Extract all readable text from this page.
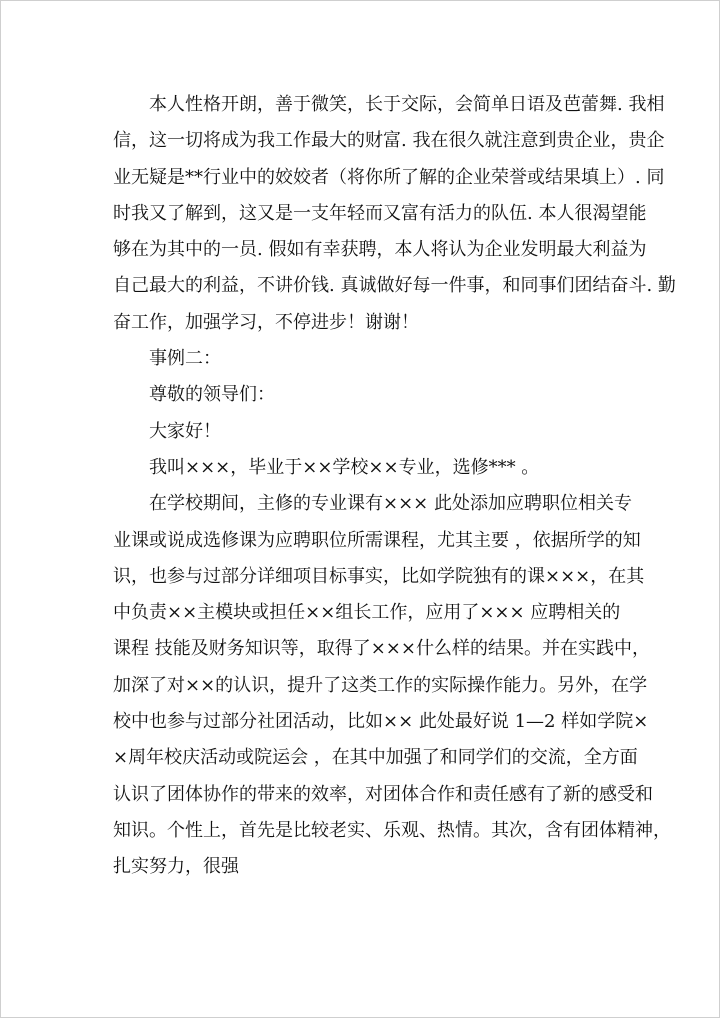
本人性格开朗，善于微笑，长于交际，会简单日语及芭蕾舞. 我相
信，这一切将成为我工作最大的财富. 我在很久就注意到贵企业，贵企
业无疑是**行业中的姣姣者（将你所了解的企业荣誉或结果填上）. 同
时我又了解到，这又是一支年轻而又富有活力的队伍. 本人很渴望能
够在为其中的一员. 假如有幸获聘，本人将认为企业发明最大利益为
自己最大的利益，不讲价钱. 真诚做好每一件事，和同事们团结奋斗. 勤
奋工作，加强学习，不停进步！谢谢！
事例二：
尊敬的领导们：
大家好！
我叫×××，毕业于××学校××专业，选修*** 。
在学校期间，主修的专业课有××× 此处添加应聘职位相关专
业课或说成选修课为应聘职位所需课程，尤其主要 ，依据所学的知
识，也参与过部分详细项目标事实，比如学院独有的课×××，在其
中负责××主模块或担任××组长工作，应用了××× 应聘相关的
课程 技能及财务知识等，取得了×××什么样的结果。并在实践中，
加深了对××的认识，提升了这类工作的实际操作能力。另外，在学
校中也参与过部分社团活动，比如×× 此处最好说 1—2 样如学院×
×周年校庆活动或院运会 ，在其中加强了和同学们的交流，全方面
认识了团体协作的带来的效率，对团体合作和责任感有了新的感受和
知识。个性上，首先是比较老实、乐观、热情。其次，含有团体精神，
扎实努力，很强
